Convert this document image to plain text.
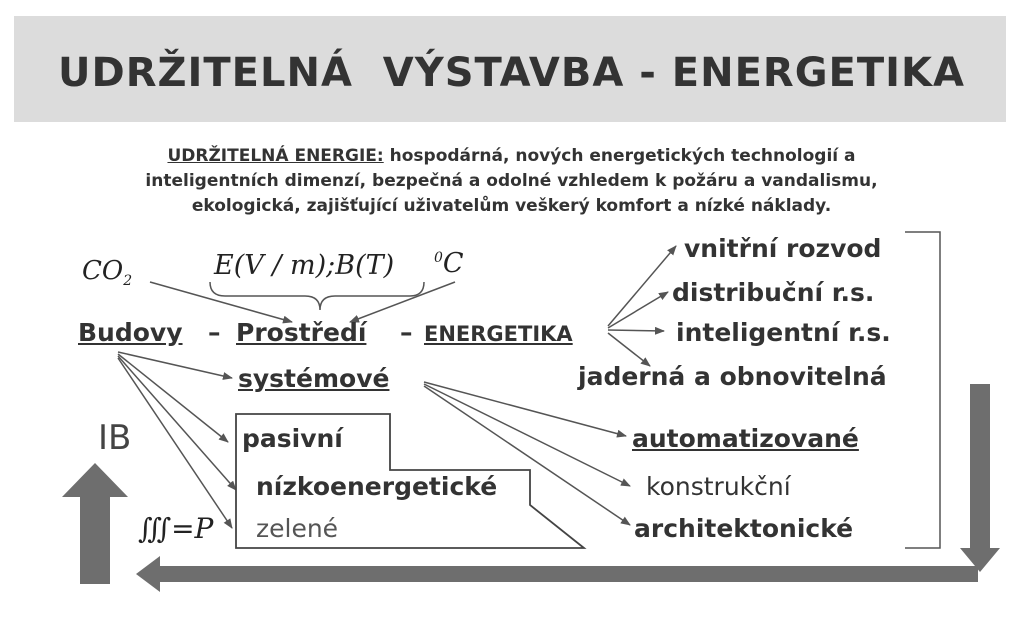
UDRŽITELNÁ  VÝSTAVBA - ENERGETIKA
UDRŽITELNÁ ENERGIE: hospodárná, nových energetických technologií a
inteligentních dimenzí, bezpečná a odolné vzhledem k požáru a vandalismu,
ekologická, zajišťující uživatelům veškerý komfort a nízké náklady.
$CO_2$
E(V / m);B(T)	$^0$C
∭=P
Budovy – Prostředí – ENERGETIKA
vnitřní rozvod
distribuční r.s.
inteligentní r.s.
jaderná a obnovitelná
systémové
automatizované
konstrukční
architektonické
pasivní
nízkoenergetické
zelené
IB
